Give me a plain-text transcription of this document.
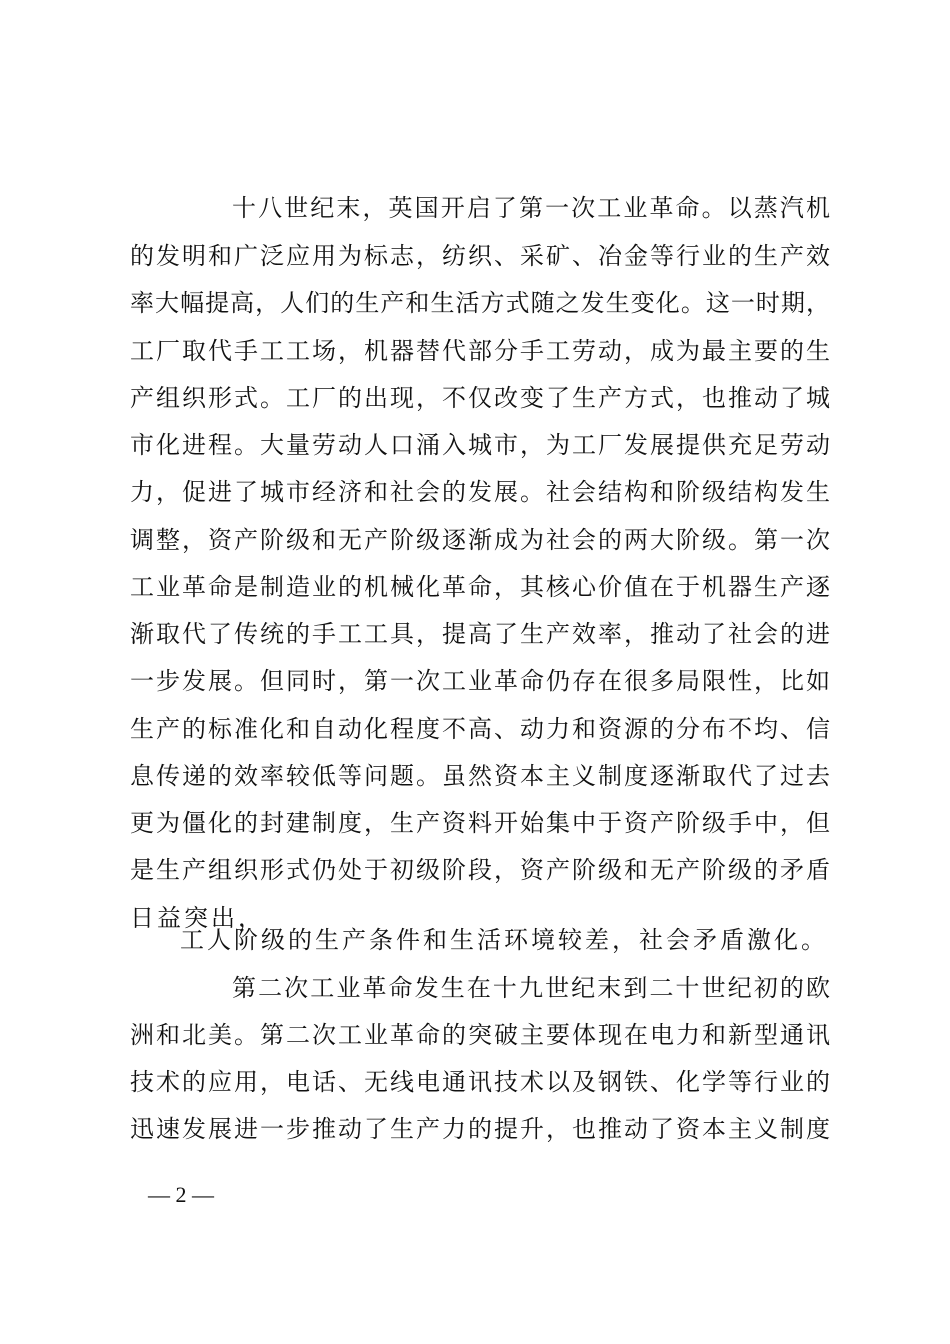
十八世纪末，英国开启了第一次工业革命。以蒸汽机
的发明和广泛应用为标志，纺织、采矿、冶金等行业的生产效
率大幅提高，人们的生产和生活方式随之发生变化。这一时期，
工厂取代手工工场，机器替代部分手工劳动，成为最主要的生
产组织形式。工厂的出现，不仅改变了生产方式，也推动了城
市化进程。大量劳动人口涌入城市，为工厂发展提供充足劳动
力，促进了城市经济和社会的发展。社会结构和阶级结构发生
调整，资产阶级和无产阶级逐渐成为社会的两大阶级。第一次
工业革命是制造业的机械化革命，其核心价值在于机器生产逐
渐取代了传统的手工工具，提高了生产效率，推动了社会的进
一步发展。但同时，第一次工业革命仍存在很多局限性，比如
生产的标准化和自动化程度不高、动力和资源的分布不均、信
息传递的效率较低等问题。虽然资本主义制度逐渐取代了过去
更为僵化的封建制度，生产资料开始集中于资产阶级手中，但
是生产组织形式仍处于初级阶段，资产阶级和无产阶级的矛盾
日益突出，
工人阶级的生产条件和生活环境较差，社会矛盾激化。
第二次工业革命发生在十九世纪末到二十世纪初的欧
洲和北美。第二次工业革命的突破主要体现在电力和新型通讯
技术的应用，电话、无线电通讯技术以及钢铁、化学等行业的
迅速发展进一步推动了生产力的提升，也推动了资本主义制度
— 2 —
